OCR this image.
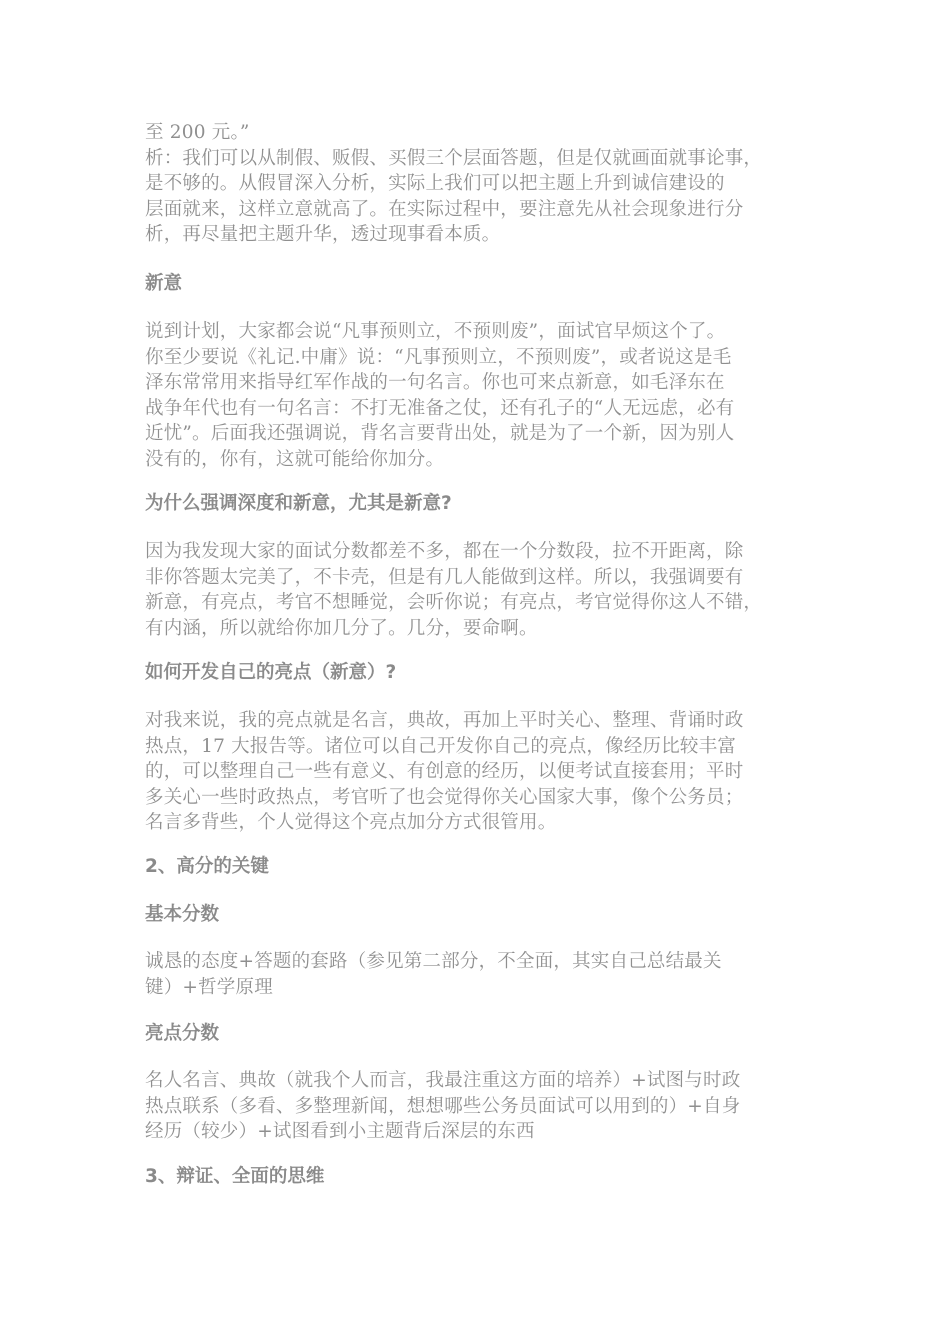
至 200 元。”
析：我们可以从制假、贩假、买假三个层面答题，但是仅就画面就事论事，
是不够的。从假冒深入分析，实际上我们可以把主题上升到诚信建设的
层面就来，这样立意就高了。在实际过程中，要注意先从社会现象进行分
析，再尽量把主题升华，透过现事看本质。

新意

说到计划，大家都会说“凡事预则立，不预则废”，面试官早烦这个了。
你至少要说《礼记.中庸》说：“凡事预则立，不预则废”，或者说这是毛
泽东常常用来指导红军作战的一句名言。你也可来点新意，如毛泽东在
战争年代也有一句名言：不打无准备之仗，还有孔子的“人无远虑，必有
近忧”。后面我还强调说，背名言要背出处，就是为了一个新，因为别人
没有的，你有，这就可能给你加分。

为什么强调深度和新意，尤其是新意?

因为我发现大家的面试分数都差不多，都在一个分数段，拉不开距离，除
非你答题太完美了，不卡壳，但是有几人能做到这样。所以，我强调要有
新意，有亮点，考官不想睡觉，会听你说；有亮点，考官觉得你这人不错，
有内涵，所以就给你加几分了。几分，要命啊。

如何开发自己的亮点（新意）?

对我来说，我的亮点就是名言，典故，再加上平时关心、整理、背诵时政
热点，17 大报告等。诸位可以自己开发你自己的亮点，像经历比较丰富
的，可以整理自己一些有意义、有创意的经历，以便考试直接套用；平时
多关心一些时政热点，考官听了也会觉得你关心国家大事，像个公务员；
名言多背些，个人觉得这个亮点加分方式很管用。

2、高分的关键
基本分数

诚恳的态度+答题的套路（参见第二部分，不全面，其实自己总结最关
键）+哲学原理

亮点分数

名人名言、典故（就我个人而言，我最注重这方面的培养）+试图与时政
热点联系（多看、多整理新闻，想想哪些公务员面试可以用到的）+自身
经历（较少）+试图看到小主题背后深层的东西

3、辩证、全面的思维
